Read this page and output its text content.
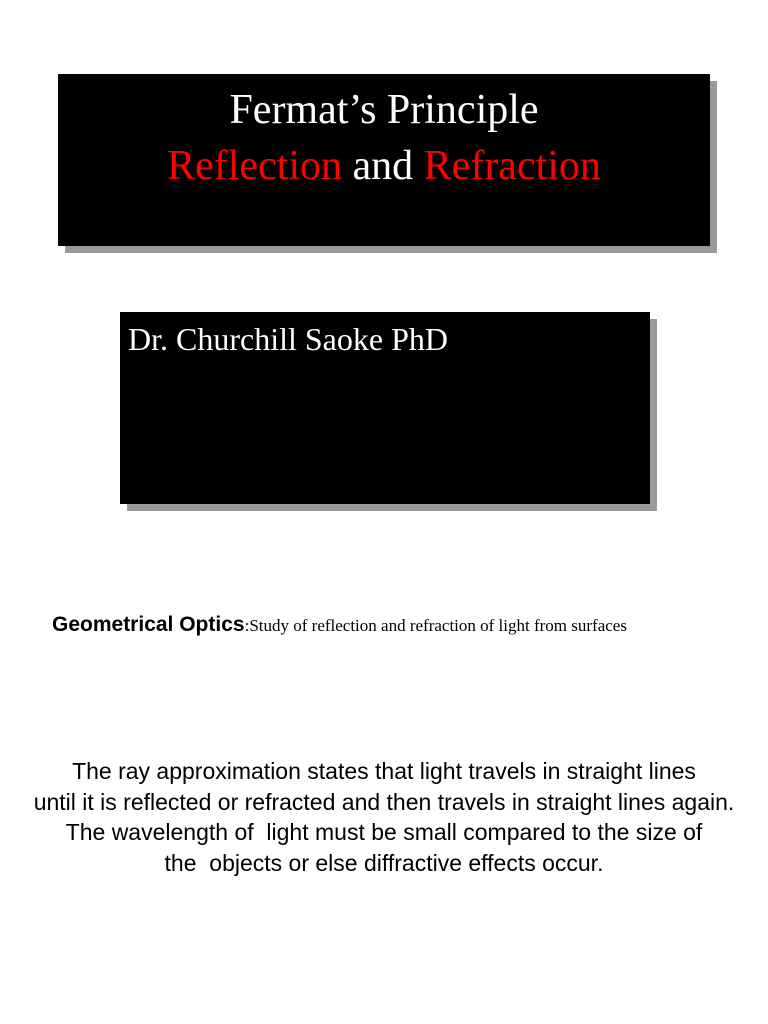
Fermat’s Principle
Reflection and Refraction
Dr. Churchill Saoke PhD
Geometrical Optics:Study of reflection and refraction of light from surfaces
The ray approximation states that light travels in straight lines
until it is reflected or refracted and then travels in straight lines again.
The wavelength of  light must be small compared to the size of
the  objects or else diffractive effects occur.
